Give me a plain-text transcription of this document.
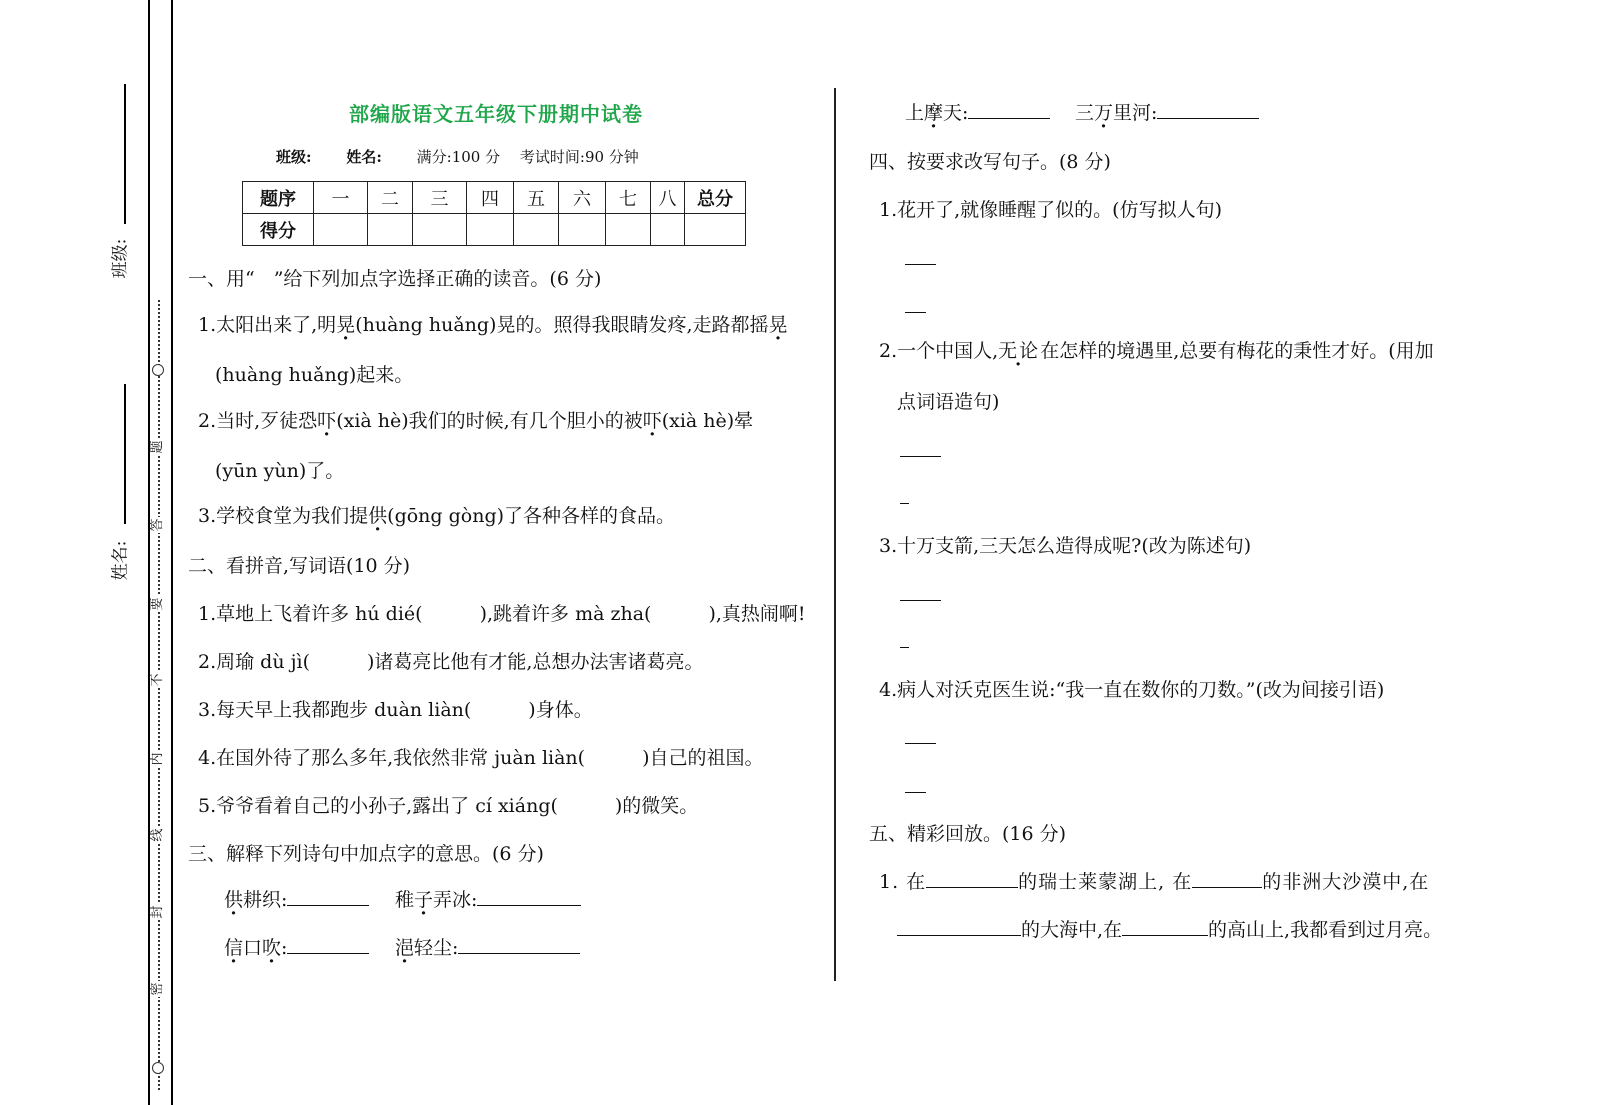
题
答
要
不
内
线
封
密
班级:
姓名:
部编版语文五年级下册期中试卷
班级:　　 姓名:　　 满分:100 分　 考试时间:90 分钟
题序	一	二	三	四	五	六	七	八	总分
得分									
一、用“　”给下列加点字选择正确的读音。(6 分)
1.太阳出来了,明晃(huàng huǎng)晃的。照得我眼睛发疼,走路都摇晃
(huàng huǎng)起来。
2.当时,歹徒恐吓(xià hè)我们的时候,有几个胆小的被吓(xià hè)晕
(yūn yùn)了。
3.学校食堂为我们提供(gōng gòng)了各种各样的食品。
二、看拼音,写词语(10 分)
1.草地上飞着许多 hú dié(　　　),跳着许多 mà zha(　　　),真热闹啊!
2.周瑜 dù jì(　　　)诸葛亮比他有才能,总想办法害诸葛亮。
3.每天早上我都跑步 duàn liàn(　　　)身体。
4.在国外待了那么多年,我依然非常 juàn liàn(　　　)自己的祖国。
5.爷爷看着自己的小孙子,露出了 cí xiáng(　　　)的微笑。
三、解释下列诗句中加点字的意思。(6 分)
供耕织:	稚子弄冰:
信口吹:	浥轻尘:
上摩天:	三万里河:
四、按要求改写句子。(8 分)
1.花开了,就像睡醒了似的。(仿写拟人句)
2.一个中国人,无论在怎样的境遇里,总要有梅花的秉性才好。(用加
点词语造句)
3.十万支箭,三天怎么造得成呢?(改为陈述句)
4.病人对沃克医生说:“我一直在数你的刀数。”(改为间接引语)
五、精彩回放。(16 分)
1. 在	的瑞士莱蒙湖上, 在	的非洲大沙漠中,在
的大海中,在	的高山上,我都看到过月亮。
